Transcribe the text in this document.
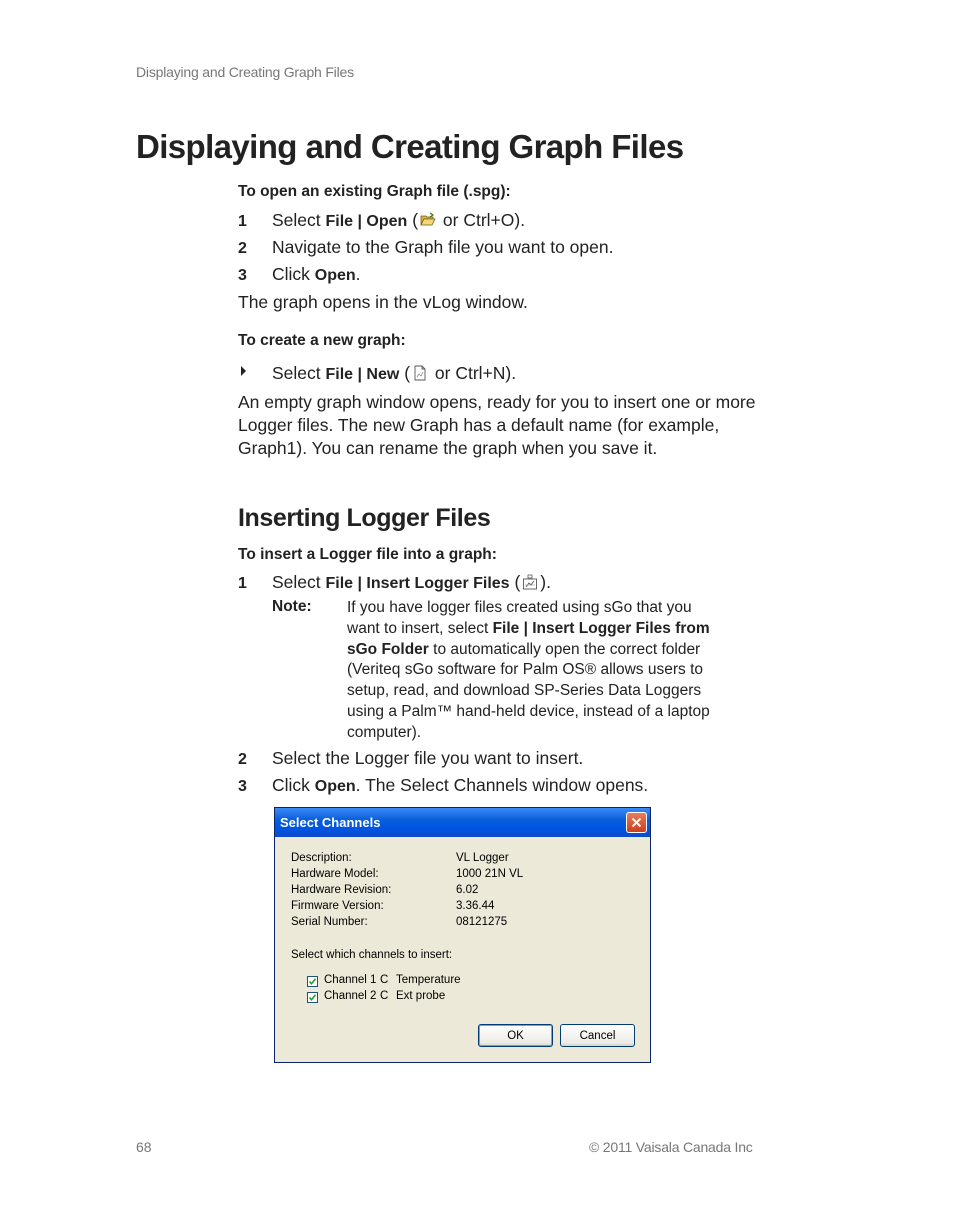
Displaying and Creating Graph Files
Displaying and Creating Graph Files
To open an existing Graph file (.spg):
1 Select File | Open ( or Ctrl+O).
2 Navigate to the Graph file you want to open.
3 Click Open.
The graph opens in the vLog window.
To create a new graph:
Select File | New ( or Ctrl+N).
An empty graph window opens, ready for you to insert one or more Logger files. The new Graph has a default name (for example, Graph1). You can rename the graph when you save it.
Inserting Logger Files
To insert a Logger file into a graph:
1 Select File | Insert Logger Files ( ).
Note: If you have logger files created using sGo that you want to insert, select File | Insert Logger Files from sGo Folder to automatically open the correct folder (Veriteq sGo software for Palm OS® allows users to setup, read, and download SP-Series Data Loggers using a Palm™ hand-held device, instead of a laptop computer).
2 Select the Logger file you want to insert.
3 Click Open. The Select Channels window opens.
Select Channels
Description:	VL Logger
Hardware Model:	1000 21N VL
Hardware Revision:	6.02
Firmware Version:	3.36.44
Serial Number:	08121275
Select which channels to insert:
Channel 1 C Temperature
Channel 2 C Ext probe
OK	Cancel
68	© 2011 Vaisala Canada Inc
